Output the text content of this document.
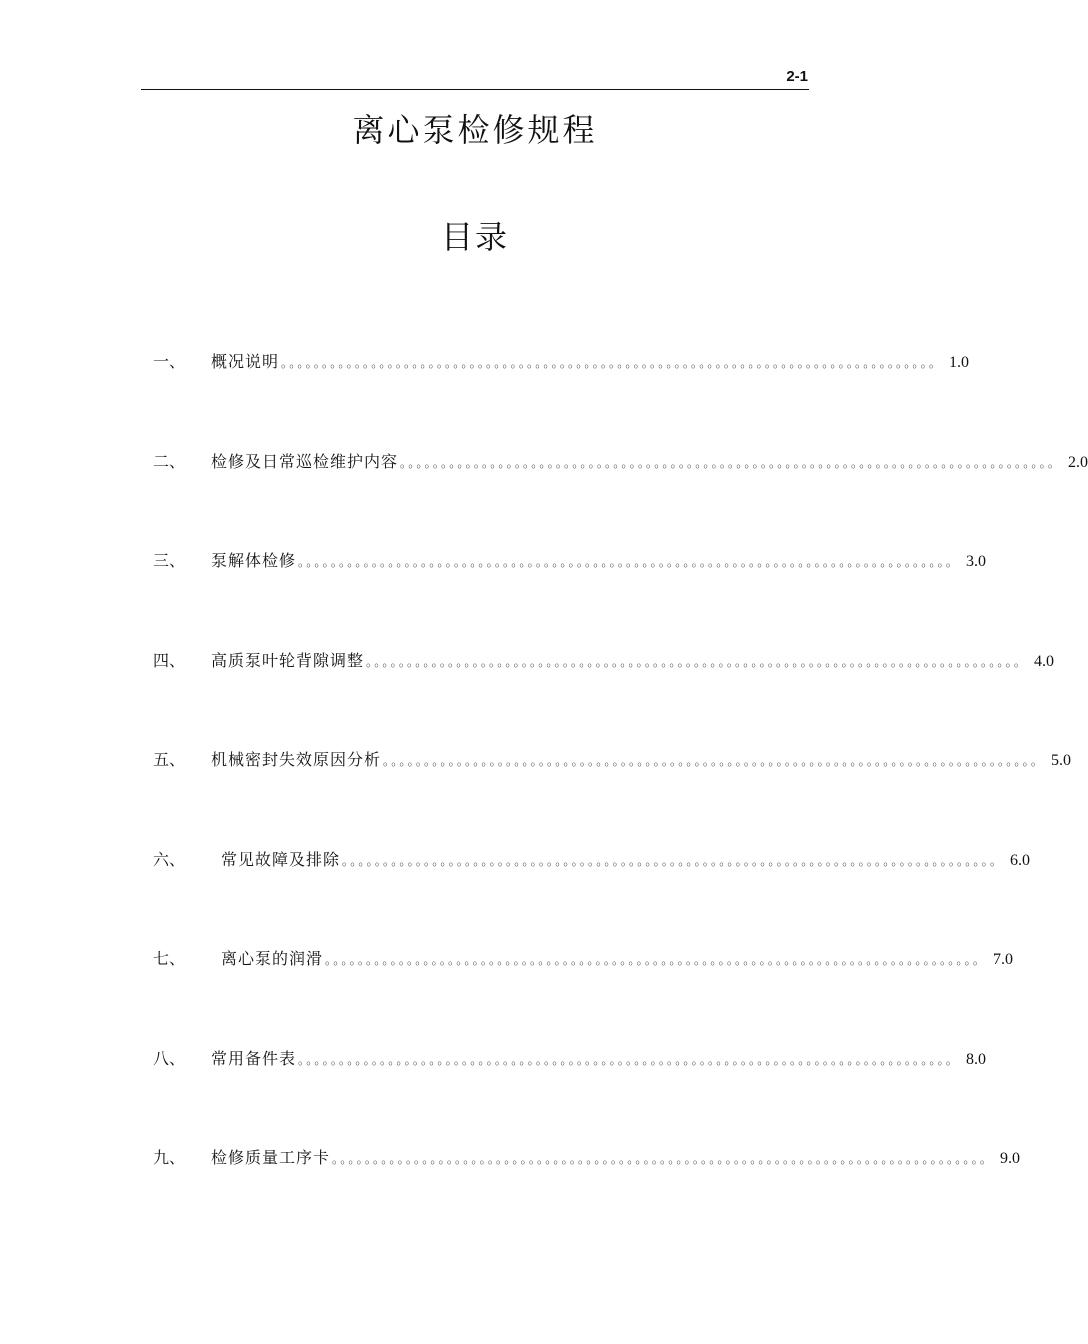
2-1
离心泵检修规程
目录
一、	概况说明 。。。。。。。。。。。。。。。。。。。。。。。。。。。。。。。。。。。。。。。。。。。。。。。。。。。。。。。。。。。。。。。。。。。。。。。。。。。。。。。。 1.0
二、	检修及日常巡检维护内容 。。。。。。。。。。。。。。。。。。。。。。。。。。。。。。。。。。。。。。。。。。。。。。。。。。。。。。。。。。。。。。。。。。。。。。。。。。。。。。。。 2.0
三、	泵解体检修 。。。。。。。。。。。。。。。。。。。。。。。。。。。。。。。。。。。。。。。。。。。。。。。。。。。。。。。。。。。。。。。。。。。。。。。。。。。。。。。。 3.0
四、	高质泵叶轮背隙调整 。。。。。。。。。。。。。。。。。。。。。。。。。。。。。。。。。。。。。。。。。。。。。。。。。。。。。。。。。。。。。。。。。。。。。。。。。。。。。。。。 4.0
五、	机械密封失效原因分析 。。。。。。。。。。。。。。。。。。。。。。。。。。。。。。。。。。。。。。。。。。。。。。。。。。。。。。。。。。。。。。。。。。。。。。。。。。。。。。。。 5.0
六、	常见故障及排除 。。。。。。。。。。。。。。。。。。。。。。。。。。。。。。。。。。。。。。。。。。。。。。。。。。。。。。。。。。。。。。。。。。。。。。。。。。。。。。。。 6.0
七、	离心泵的润滑 。。。。。。。。。。。。。。。。。。。。。。。。。。。。。。。。。。。。。。。。。。。。。。。。。。。。。。。。。。。。。。。。。。。。。。。。。。。。。。。。 7.0
八、	常用备件表 。。。。。。。。。。。。。。。。。。。。。。。。。。。。。。。。。。。。。。。。。。。。。。。。。。。。。。。。。。。。。。。。。。。。。。。。。。。。。。。。 8.0
九、	检修质量工序卡 。。。。。。。。。。。。。。。。。。。。。。。。。。。。。。。。。。。。。。。。。。。。。。。。。。。。。。。。。。。。。。。。。。。。。。。。。。。。。。。。 9.0
